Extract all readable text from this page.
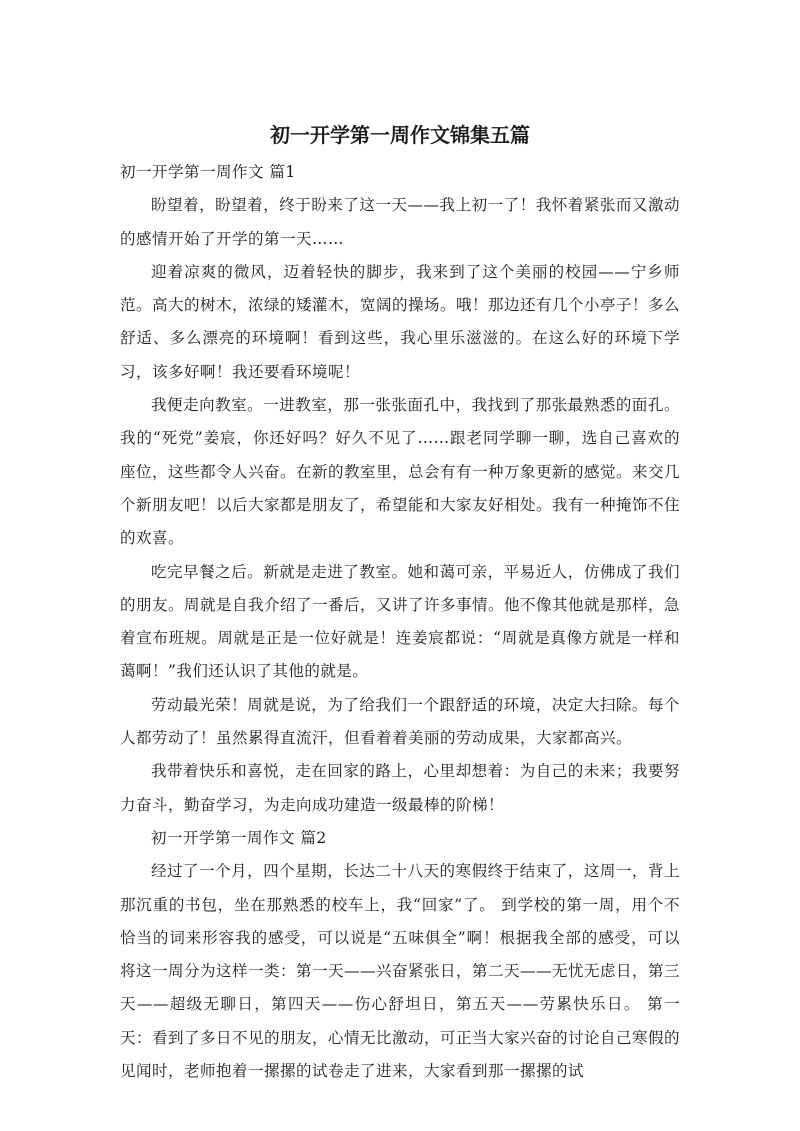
初一开学第一周作文锦集五篇

初一开学第一周作文 篇1

盼望着，盼望着，终于盼来了这一天——我上初一了！我怀着紧张而又激动的感情开始了开学的第一天……

迎着凉爽的微风，迈着轻快的脚步，我来到了这个美丽的校园——宁乡师范。高大的树木，浓绿的矮灌木，宽阔的操场。哦！那边还有几个小亭子！多么舒适、多么漂亮的环境啊！看到这些，我心里乐滋滋的。在这么好的环境下学习，该多好啊！我还要看环境呢！

我便走向教室。一进教室，那一张张面孔中，我找到了那张最熟悉的面孔。我的“死党”姜宸，你还好吗？好久不见了……跟老同学聊一聊，选自己喜欢的座位，这些都令人兴奋。在新的教室里，总会有有一种万象更新的感觉。来交几个新朋友吧！以后大家都是朋友了，希望能和大家友好相处。我有一种掩饰不住的欢喜。

吃完早餐之后。新就是走进了教室。她和蔼可亲，平易近人，仿佛成了我们的朋友。周就是自我介绍了一番后，又讲了许多事情。他不像其他就是那样，急着宣布班规。周就是正是一位好就是！连姜宸都说：“周就是真像方就是一样和蔼啊！”我们还认识了其他的就是。

劳动最光荣！周就是说，为了给我们一个跟舒适的环境，决定大扫除。每个人都劳动了！虽然累得直流汗，但看着着美丽的劳动成果，大家都高兴。

我带着快乐和喜悦，走在回家的路上，心里却想着：为自己的未来；我要努力奋斗，勤奋学习，为走向成功建造一级最棒的阶梯！

初一开学第一周作文 篇2

经过了一个月，四个星期，长达二十八天的寒假终于结束了，这周一，背上那沉重的书包，坐在那熟悉的校车上，我“回家”了。 到学校的第一周，用个不恰当的词来形容我的感受，可以说是“五味俱全”啊！根据我全部的感受，可以将这一周分为这样一类：第一天——兴奋紧张日，第二天——无忧无虑日，第三天——超级无聊日，第四天——伤心舒坦日，第五天——劳累快乐日。 第一天：看到了多日不见的朋友，心情无比激动，可正当大家兴奋的讨论自己寒假的见闻时，老师抱着一摞摞的试卷走了进来，大家看到那一摞摞的试
